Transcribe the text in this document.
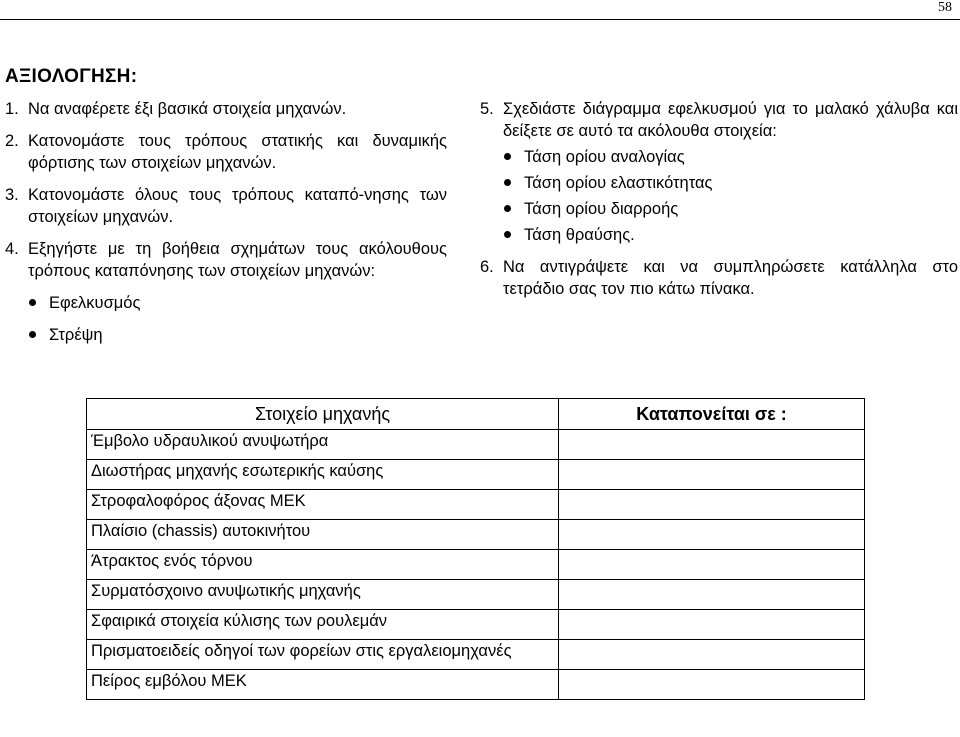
58
ΑΞΙΟΛΟΓΗΣΗ:
1. Να αναφέρετε έξι βασικά στοιχεία μηχανών.
2. Κατονομάστε τους τρόπους στατικής και δυναμικής φόρτισης των στοιχείων μηχανών.
3. Κατονομάστε όλους τους τρόπους καταπό-νησης των στοιχείων μηχανών.
4. Εξηγήστε με τη βοήθεια σχημάτων τους ακόλουθους τρόπους καταπόνησης των στοιχείων μηχανών:
Εφελκυσμός
Στρέψη
5. Σχεδιάστε διάγραμμα εφελκυσμού για το μαλακό χάλυβα και δείξετε σε αυτό τα ακόλουθα στοιχεία:
Τάση ορίου αναλογίας
Τάση ορίου ελαστικότητας
Τάση ορίου διαρροής
Τάση θραύσης.
6. Να αντιγράψετε και να συμπληρώσετε κατάλληλα στο τετράδιο σας τον πιο κάτω πίνακα.
Στοιχείο μηχανής	Καταπονείται σε :
Έμβολο υδραυλικού ανυψωτήρα	
Διωστήρας μηχανής εσωτερικής καύσης	
Στροφαλοφόρος άξονας ΜΕΚ	
Πλαίσιο (chassis) αυτοκινήτου	
Άτρακτος ενός τόρνου	
Συρματόσχοινο ανυψωτικής μηχανής	
Σφαιρικά στοιχεία κύλισης των ρουλεμάν	
Πρισματοειδείς οδηγοί των φορείων στις εργαλειομηχανές	
Πείρος εμβόλου ΜΕΚ	
